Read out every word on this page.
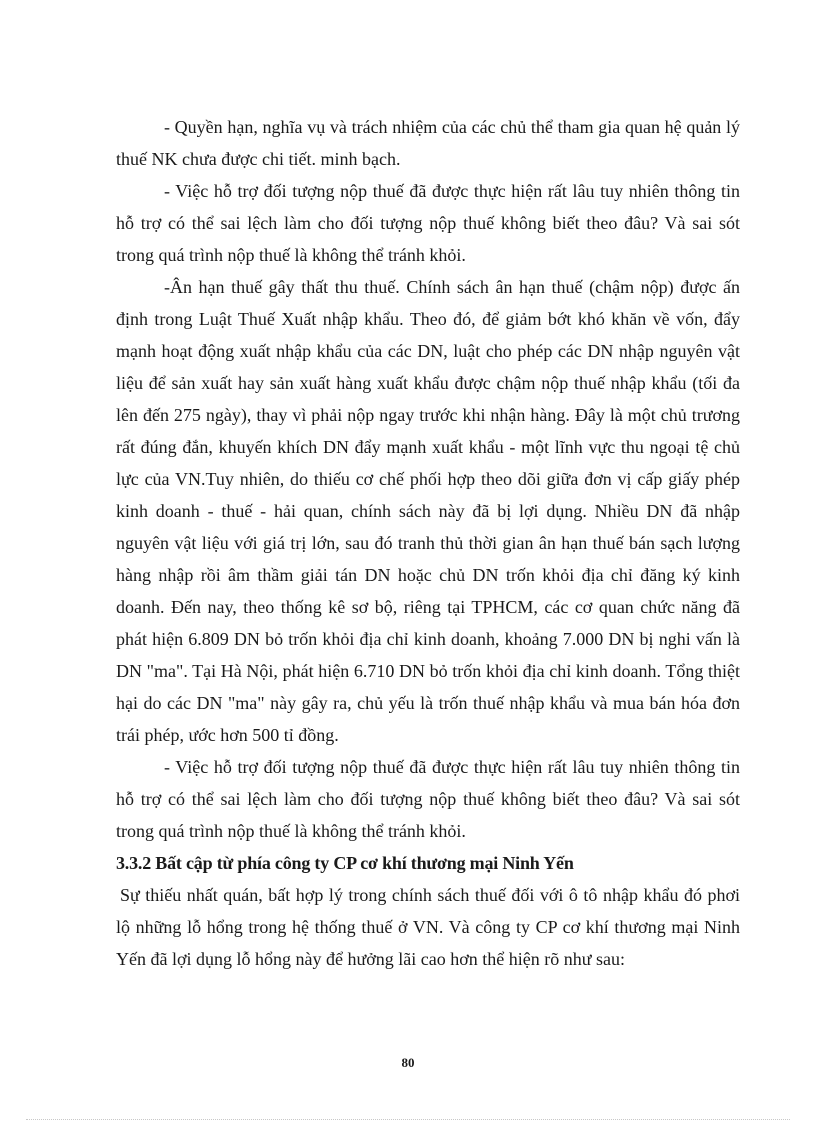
- Quyền hạn, nghĩa vụ và trách nhiệm của các chủ thể tham gia quan hệ quản lý thuế NK chưa được chi tiết. minh bạch.

- Việc hỗ trợ đối tượng nộp thuế đã được thực hiện rất lâu tuy nhiên thông tin hỗ trợ có thể sai lệch làm cho đối tượng nộp thuế không biết theo đâu? Và sai sót trong quá trình nộp thuế là không thể tránh khỏi.

-Ân hạn thuế gây thất thu thuế. Chính sách ân hạn thuế (chậm nộp) được ấn định trong Luật Thuế Xuất nhập khẩu. Theo đó, để giảm bớt khó khăn về vốn, đẩy mạnh hoạt động xuất nhập khẩu của các DN, luật cho phép các DN nhập nguyên vật liệu để sản xuất hay sản xuất hàng xuất khẩu được chậm nộp thuế nhập khẩu (tối đa lên đến 275 ngày), thay vì phải nộp ngay trước khi nhận hàng. Đây là một chủ trương rất đúng đắn, khuyến khích DN đẩy mạnh xuất khẩu - một lĩnh vực thu ngoại tệ chủ lực của VN.Tuy nhiên, do thiếu cơ chế phối hợp theo dõi giữa đơn vị cấp giấy phép kinh doanh - thuế - hải quan, chính sách này đã bị lợi dụng. Nhiều DN đã nhập nguyên vật liệu với giá trị lớn, sau đó tranh thủ thời gian ân hạn thuế bán sạch lượng hàng nhập rồi âm thầm giải tán DN hoặc chủ DN trốn khỏi địa chỉ đăng ký kinh doanh. Đến nay, theo thống kê sơ bộ, riêng tại TPHCM, các cơ quan chức năng đã phát hiện 6.809 DN bỏ trốn khỏi địa chỉ kinh doanh, khoảng 7.000 DN bị nghi vấn là DN "ma". Tại Hà Nội, phát hiện 6.710 DN bỏ trốn khỏi địa chỉ kinh doanh. Tổng thiệt hại do các DN "ma" này gây ra, chủ yếu là trốn thuế nhập khẩu và mua bán hóa đơn trái phép, ước hơn 500 tỉ đồng.

- Việc hỗ trợ đối tượng nộp thuế đã được thực hiện rất lâu tuy nhiên thông tin hỗ trợ có thể sai lệch làm cho đối tượng nộp thuế không biết theo đâu? Và sai sót trong quá trình nộp thuế là không thể tránh khỏi.

3.3.2 Bất cập từ phía công ty CP cơ khí thương mại Ninh Yến

Sự thiếu nhất quán, bất hợp lý trong chính sách thuế đối với ô tô nhập khẩu đó phơi lộ những lỗ hổng trong hệ thống thuế ở VN. Và công ty CP cơ khí thương mại Ninh Yến đã lợi dụng lỗ hổng này để hưởng lãi cao hơn thể hiện rõ như sau:

80
